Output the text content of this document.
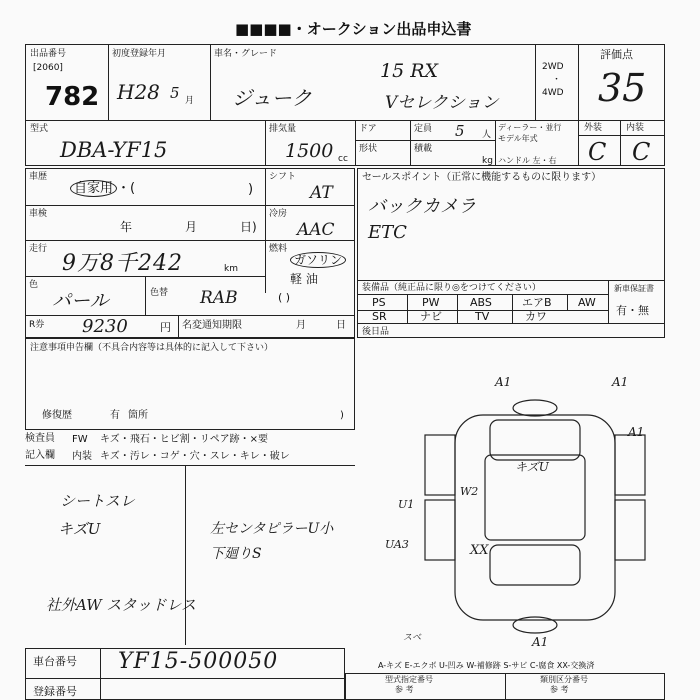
■■■■・オークション出品申込書
出品番号
[2060]
782
初度登録年月
H28 5 月
車名・グレード
ジューク
15 RX
Vセレクション
2WD
・
4WD
評価点
35
型式
DBA-YF15
排気量
1500 cc
ドア
形状
定員 5 人
積載
kg
ディーラー・並行
モデル年式
ハンドル 左・右
外装	内装
C C
車歴
自家用 ・(	)
シフト
AT
車検
年	月	日)
冷房
AAC
走行
9万8千242	km
燃料
ガソリン
軽 油
( )
色
パール	色替 RAB
R券 9230	円 名変通知期限	月	日
セールスポイント（正常に機能するものに限ります）
バックカメラ
ETC
装備品（純正品に限り◎をつけてください）	新車保証書
有・無
PS	PW	ABS	エアB AW
SR	ナビ	TV	カワ
後日品
注意事項申告欄（不具合内容等は具体的に記入して下さい）
修復歴	有 箇所	)
検査員
記入欄
FW キズ・飛石・ヒビ割・リペア跡・×要
内装 キズ・汚レ・コゲ・穴・スレ・キレ・破レ
シートスレ
キズU	左センタピラーU小
下廻りS
社外AW スタッドレス
A1	A1
A1
A1
U1
UA3
W2
キズU
XX
スベ
車台番号 YF15-500050
登録番号
A-キズ E-エクボ U-凹み W-補修跡 S-サビ C-腐食 XX-交換済
型式指定番号
参 考
類別区分番号
参 考
